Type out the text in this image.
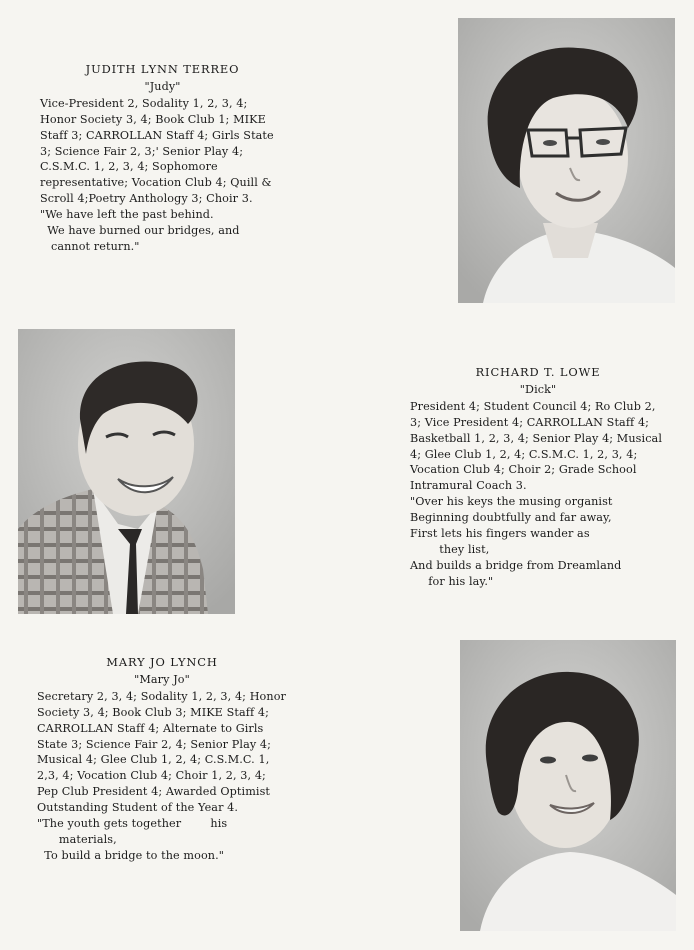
JUDITH LYNN TERREO
"Judy"
Vice-President 2, Sodality 1, 2, 3, 4; Honor Society 3, 4; Book Club 1; MIKE Staff 3; CARROLLAN Staff 4; Girls State 3; Science Fair 2, 3;' Senior Play 4; C.S.M.C. 1, 2, 3, 4; Sophomore representative; Vocation Club 4; Quill & Scroll 4;Poetry Anthology 3; Choir 3.
"We have left the past behind.
We have burned our bridges, and
cannot return."
RICHARD T. LOWE
"Dick"
President 4; Student Council 4; Ro Club 2, 3; Vice President 4; CARROLLAN Staff 4; Basketball 1, 2, 3, 4; Senior Play 4; Musical 4; Glee Club 1, 2, 4; C.S.M.C. 1, 2, 3, 4; Vocation Club 4; Choir 2; Grade School Intramural Coach 3.
"Over his keys the musing organist
Beginning doubtfully and far away,
First lets his fingers wander as
they list,
And builds a bridge from Dreamland
for his lay."
MARY JO LYNCH
"Mary Jo"
Secretary 2, 3, 4; Sodality 1, 2, 3, 4; Honor Society 3, 4; Book Club 3; MIKE Staff 4; CARROLLAN Staff 4; Alternate to Girls State 3; Science Fair 2, 4; Senior Play 4; Musical 4; Glee Club 1, 2, 4; C.S.M.C. 1, 2,3, 4; Vocation Club 4; Choir 1, 2, 3, 4; Pep Club President 4; Awarded Optimist Outstanding Student of the Year 4.
"The youth gets together        his
materials,
To build a bridge to the moon."
